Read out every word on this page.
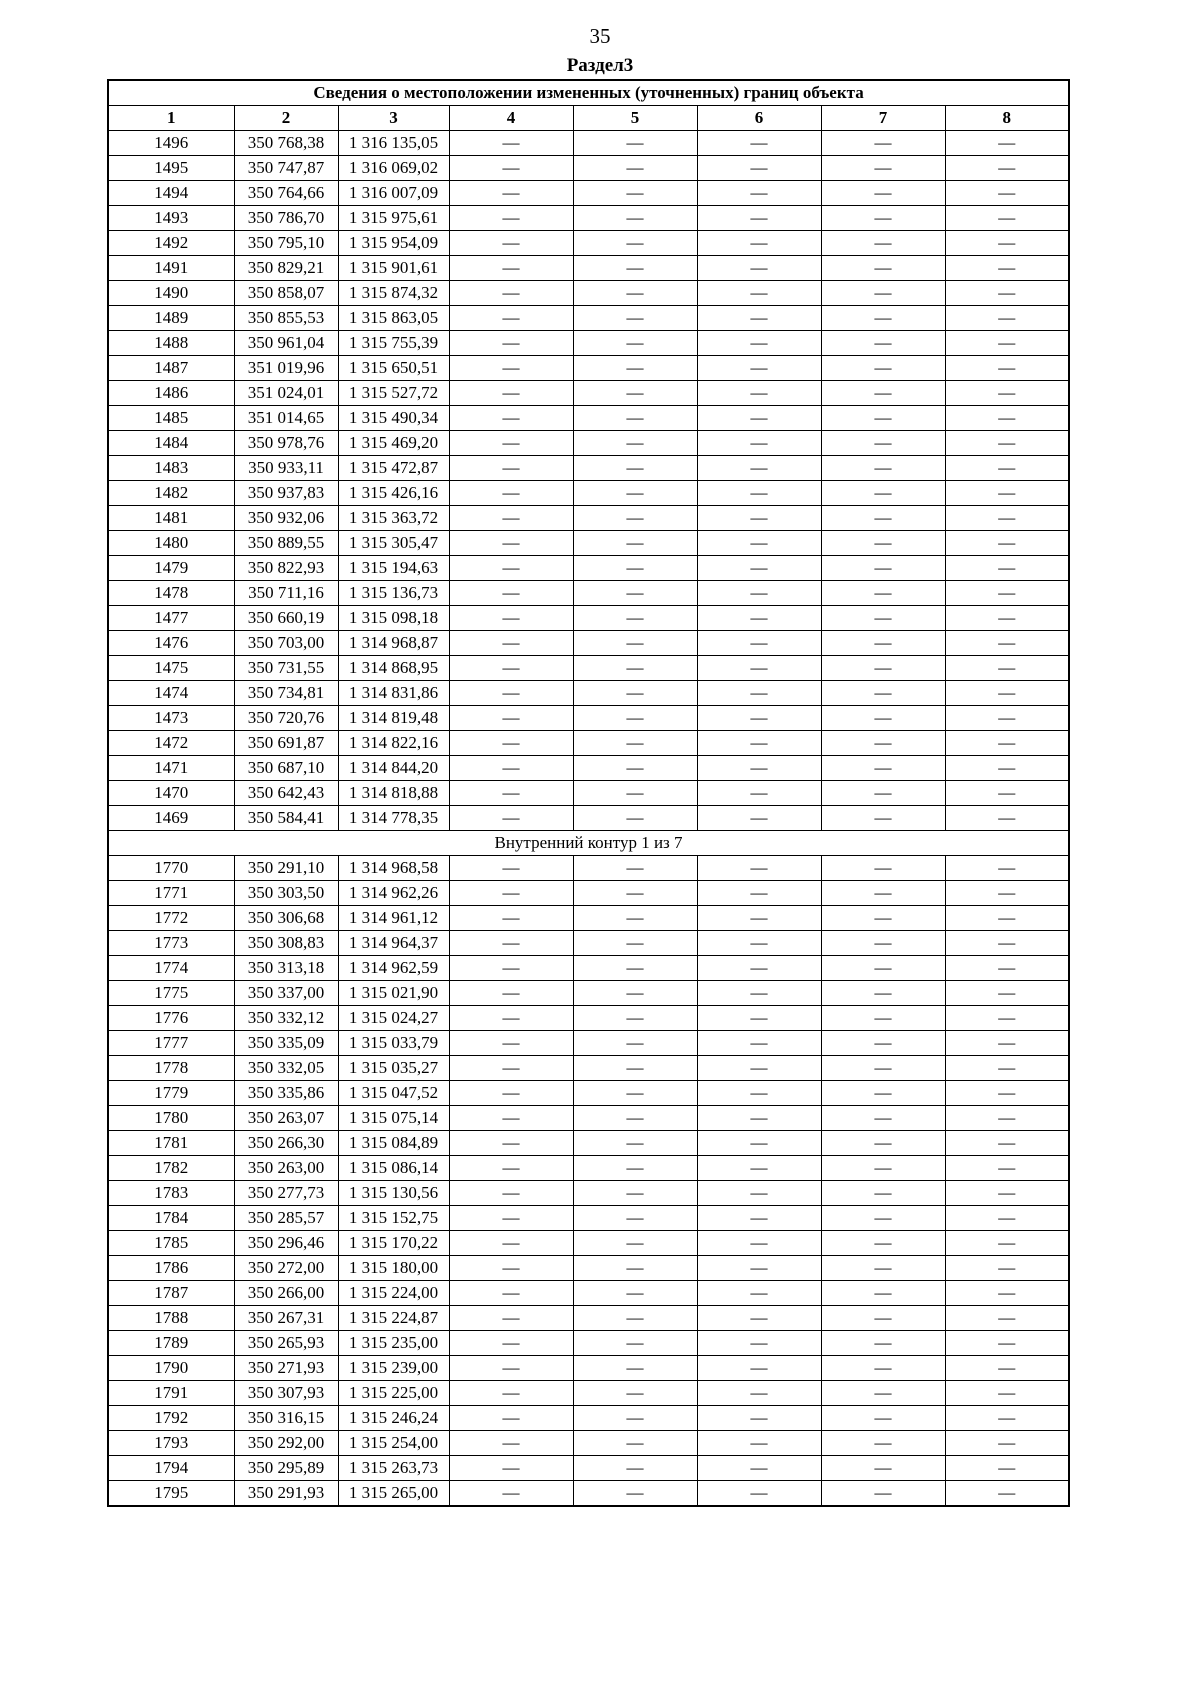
35
Раздел3
Сведения о местоположении измененных (уточненных) границ объекта							
1	2	3	4	5	6	7	8
1496	350 768,38	1 316 135,05	—	—	—	—	—
1495	350 747,87	1 316 069,02	—	—	—	—	—
1494	350 764,66	1 316 007,09	—	—	—	—	—
1493	350 786,70	1 315 975,61	—	—	—	—	—
1492	350 795,10	1 315 954,09	—	—	—	—	—
1491	350 829,21	1 315 901,61	—	—	—	—	—
1490	350 858,07	1 315 874,32	—	—	—	—	—
1489	350 855,53	1 315 863,05	—	—	—	—	—
1488	350 961,04	1 315 755,39	—	—	—	—	—
1487	351 019,96	1 315 650,51	—	—	—	—	—
1486	351 024,01	1 315 527,72	—	—	—	—	—
1485	351 014,65	1 315 490,34	—	—	—	—	—
1484	350 978,76	1 315 469,20	—	—	—	—	—
1483	350 933,11	1 315 472,87	—	—	—	—	—
1482	350 937,83	1 315 426,16	—	—	—	—	—
1481	350 932,06	1 315 363,72	—	—	—	—	—
1480	350 889,55	1 315 305,47	—	—	—	—	—
1479	350 822,93	1 315 194,63	—	—	—	—	—
1478	350 711,16	1 315 136,73	—	—	—	—	—
1477	350 660,19	1 315 098,18	—	—	—	—	—
1476	350 703,00	1 314 968,87	—	—	—	—	—
1475	350 731,55	1 314 868,95	—	—	—	—	—
1474	350 734,81	1 314 831,86	—	—	—	—	—
1473	350 720,76	1 314 819,48	—	—	—	—	—
1472	350 691,87	1 314 822,16	—	—	—	—	—
1471	350 687,10	1 314 844,20	—	—	—	—	—
1470	350 642,43	1 314 818,88	—	—	—	—	—
1469	350 584,41	1 314 778,35	—	—	—	—	—
Внутренний контур 1 из 7							
1770	350 291,10	1 314 968,58	—	—	—	—	—
1771	350 303,50	1 314 962,26	—	—	—	—	—
1772	350 306,68	1 314 961,12	—	—	—	—	—
1773	350 308,83	1 314 964,37	—	—	—	—	—
1774	350 313,18	1 314 962,59	—	—	—	—	—
1775	350 337,00	1 315 021,90	—	—	—	—	—
1776	350 332,12	1 315 024,27	—	—	—	—	—
1777	350 335,09	1 315 033,79	—	—	—	—	—
1778	350 332,05	1 315 035,27	—	—	—	—	—
1779	350 335,86	1 315 047,52	—	—	—	—	—
1780	350 263,07	1 315 075,14	—	—	—	—	—
1781	350 266,30	1 315 084,89	—	—	—	—	—
1782	350 263,00	1 315 086,14	—	—	—	—	—
1783	350 277,73	1 315 130,56	—	—	—	—	—
1784	350 285,57	1 315 152,75	—	—	—	—	—
1785	350 296,46	1 315 170,22	—	—	—	—	—
1786	350 272,00	1 315 180,00	—	—	—	—	—
1787	350 266,00	1 315 224,00	—	—	—	—	—
1788	350 267,31	1 315 224,87	—	—	—	—	—
1789	350 265,93	1 315 235,00	—	—	—	—	—
1790	350 271,93	1 315 239,00	—	—	—	—	—
1791	350 307,93	1 315 225,00	—	—	—	—	—
1792	350 316,15	1 315 246,24	—	—	—	—	—
1793	350 292,00	1 315 254,00	—	—	—	—	—
1794	350 295,89	1 315 263,73	—	—	—	—	—
1795	350 291,93	1 315 265,00	—	—	—	—	—
